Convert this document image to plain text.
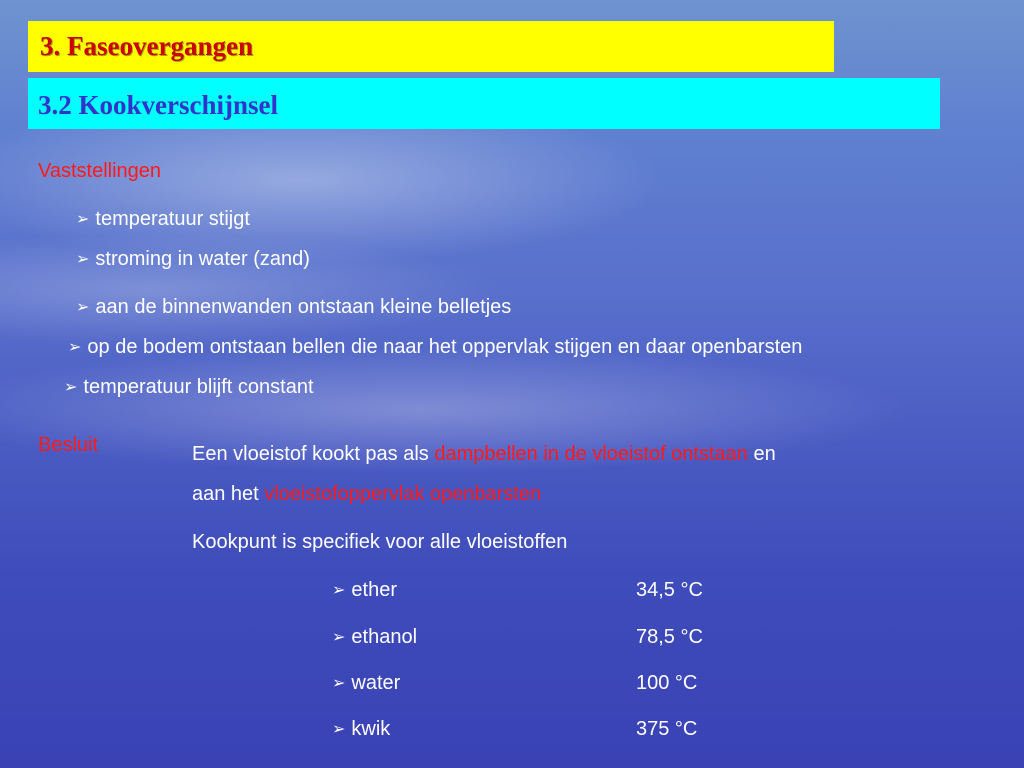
3. Faseovergangen
3.2 Kookverschijnsel
Vaststellingen
➢ temperatuur stijgt
➢ stroming in water (zand)
➢ aan de binnenwanden ontstaan kleine belletjes
➢ op de bodem ontstaan bellen die naar het oppervlak stijgen en daar openbarsten
➢ temperatuur blijft constant
Besluit	Een vloeistof kookt pas als dampbellen in de vloeistof ontstaan en
aan het vloeistofoppervlak openbarsten
Kookpunt is specifiek voor alle vloeistoffen
➢ ether	34,5 °C
➢ ethanol	78,5 °C
➢ water	100 °C
➢ kwik	375 °C
